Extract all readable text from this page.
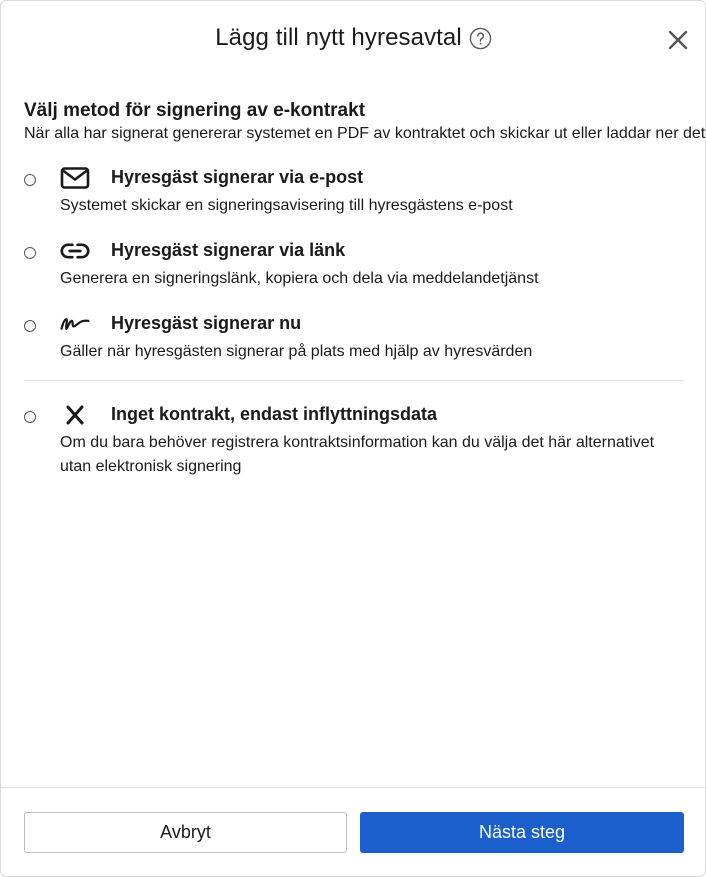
Lägg till nytt hyresavtal
Välj metod för signering av e-kontrakt
När alla har signerat genererar systemet en PDF av kontraktet och skickar ut eller laddar ner det
Hyresgäst signerar via e-post
Systemet skickar en signeringsavisering till hyresgästens e-post
Hyresgäst signerar via länk
Generera en signeringslänk, kopiera och dela via meddelandetjänst
Hyresgäst signerar nu
Gäller när hyresgästen signerar på plats med hjälp av hyresvärden
Inget kontrakt, endast inflyttningsdata
Om du bara behöver registrera kontraktsinformation kan du välja det här alternativet utan elektronisk signering
Avbryt	Nästa steg
